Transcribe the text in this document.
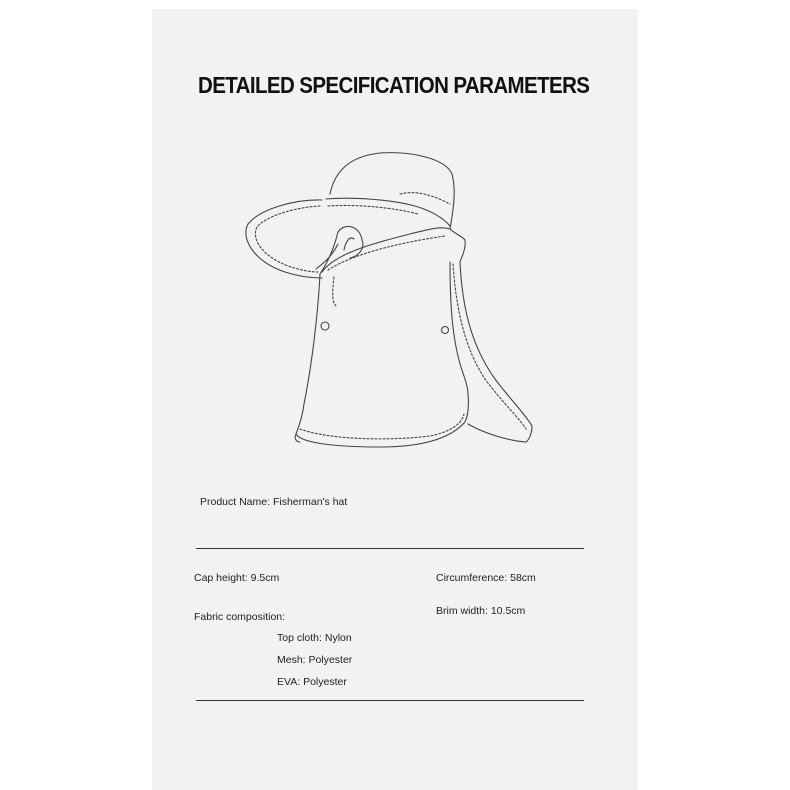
DETAILED SPECIFICATION PARAMETERS
Product Name: Fisherman's hat
Cap height: 9.5cm	Circumference: 58cm
Brim width: 10.5cm
Fabric composition:
Top cloth: Nylon
Mesh: Polyester
EVA: Polyester
